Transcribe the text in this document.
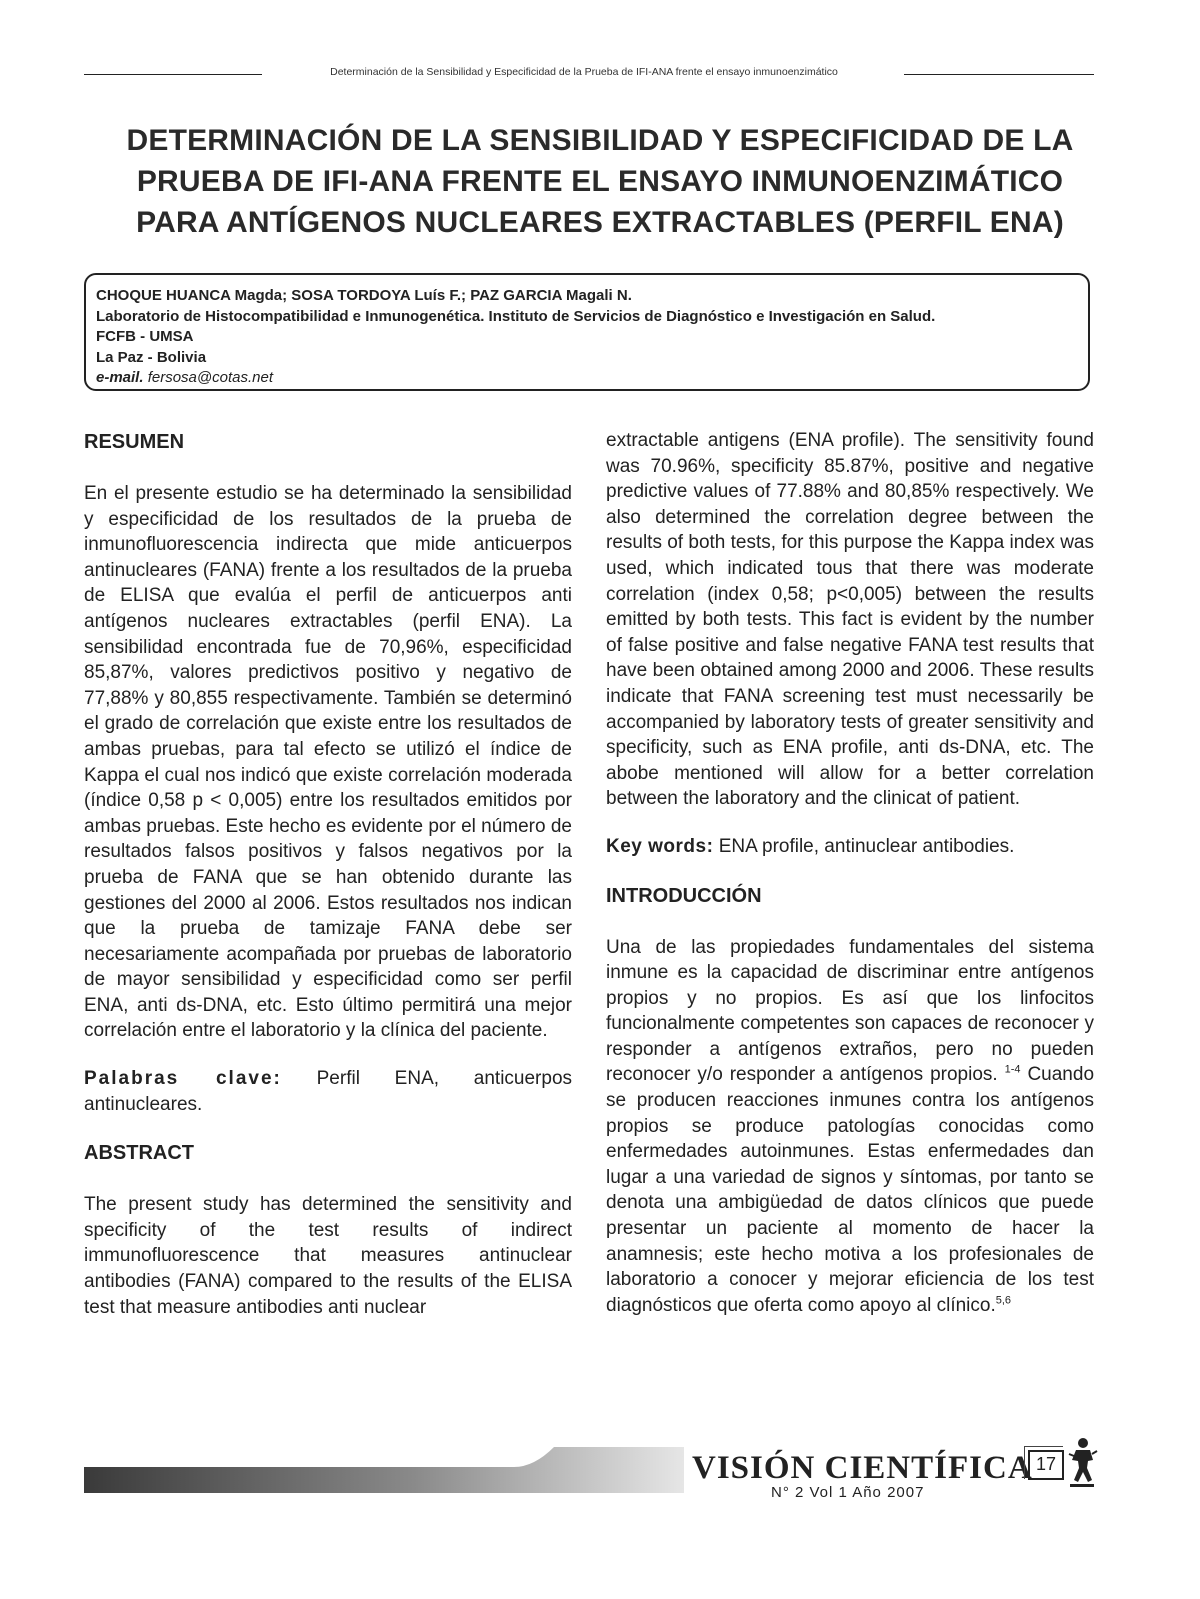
Determinación de la Sensibilidad y Especificidad de la Prueba de IFI-ANA frente el ensayo inmunoenzimático
DETERMINACIÓN DE LA SENSIBILIDAD Y ESPECIFICIDAD DE LA
PRUEBA DE IFI-ANA FRENTE EL ENSAYO INMUNOENZIMÁTICO
PARA ANTÍGENOS NUCLEARES EXTRACTABLES (PERFIL ENA)
CHOQUE HUANCA Magda; SOSA TORDOYA Luís F.; PAZ GARCIA Magali N.
Laboratorio de Histocompatibilidad e Inmunogenética. Instituto de Servicios de Diagnóstico e Investigación en Salud.
FCFB - UMSA
La Paz - Bolivia
e-mail. fersosa@cotas.net
RESUMEN

En el presente estudio se ha determinado la sensibilidad y especificidad de los resultados de la prueba de inmunofluorescencia indirecta que mide anticuerpos antinucleares (FANA) frente a los resultados de la prueba de ELISA que evalúa el perfil de anticuerpos anti antígenos nucleares extractables (perfil ENA). La sensibilidad encontrada fue de 70,96%, especificidad 85,87%, valores predictivos positivo y negativo de 77,88% y 80,855 respectivamente. También se determinó el grado de correlación que existe entre los resultados de ambas pruebas, para tal efecto se utilizó el índice de Kappa el cual nos indicó que existe correlación moderada (índice 0,58 p < 0,005) entre los resultados emitidos por ambas pruebas. Este hecho es evidente por el número de resultados falsos positivos y falsos negativos por la prueba de FANA que se han obtenido durante las gestiones del 2000 al 2006. Estos resultados nos indican que la prueba de tamizaje FANA debe ser necesariamente acompañada por pruebas de laboratorio de mayor sensibilidad y especificidad como ser perfil ENA, anti ds-DNA, etc. Esto último permitirá una mejor correlación entre el laboratorio y la clínica del paciente.

Palabras clave: Perfil ENA, anticuerpos antinucleares.

ABSTRACT

The present study has determined the sensitivity and specificity of the test results of indirect immunofluorescence that measures antinuclear antibodies (FANA) compared to the results of the ELISA test that measure antibodies anti nuclear

extractable antigens (ENA profile). The sensitivity found was 70.96%, specificity 85.87%, positive and negative predictive values of 77.88% and 80,85% respectively. We also determined the correlation degree between the results of both tests, for this purpose the Kappa index was used, which indicated tous that there was moderate correlation (index 0,58; p<0,005) between the results emitted by both tests. This fact is evident by the number of false positive and false negative FANA test results that have been obtained among 2000 and 2006. These results indicate that FANA screening test must necessarily be accompanied by laboratory tests of greater sensitivity and specificity, such as ENA profile, anti ds-DNA, etc. The abobe mentioned will allow for a better correlation between the laboratory and the clinicat of patient.

Key words: ENA profile, antinuclear antibodies.

INTRODUCCIÓN

Una de las propiedades fundamentales del sistema inmune es la capacidad de discriminar entre antígenos propios y no propios. Es así que los linfocitos funcionalmente competentes son capaces de reconocer y responder a antígenos extraños, pero no pueden reconocer y/o responder a antígenos propios. $^{1-4}$ Cuando se producen reacciones inmunes contra los antígenos propios se produce patologías conocidas como enfermedades autoinmunes. Estas enfermedades dan lugar a una variedad de signos y síntomas, por tanto se denota una ambigüedad de datos clínicos que puede presentar un paciente al momento de hacer la anamnesis; este hecho motiva a los profesionales de laboratorio a conocer y mejorar eficiencia de los test diagnósticos que oferta como apoyo al clínico.$^{5,6}$

VISIÓN CIENTÍFICA
N° 2 Vol 1 Año 2007
17
